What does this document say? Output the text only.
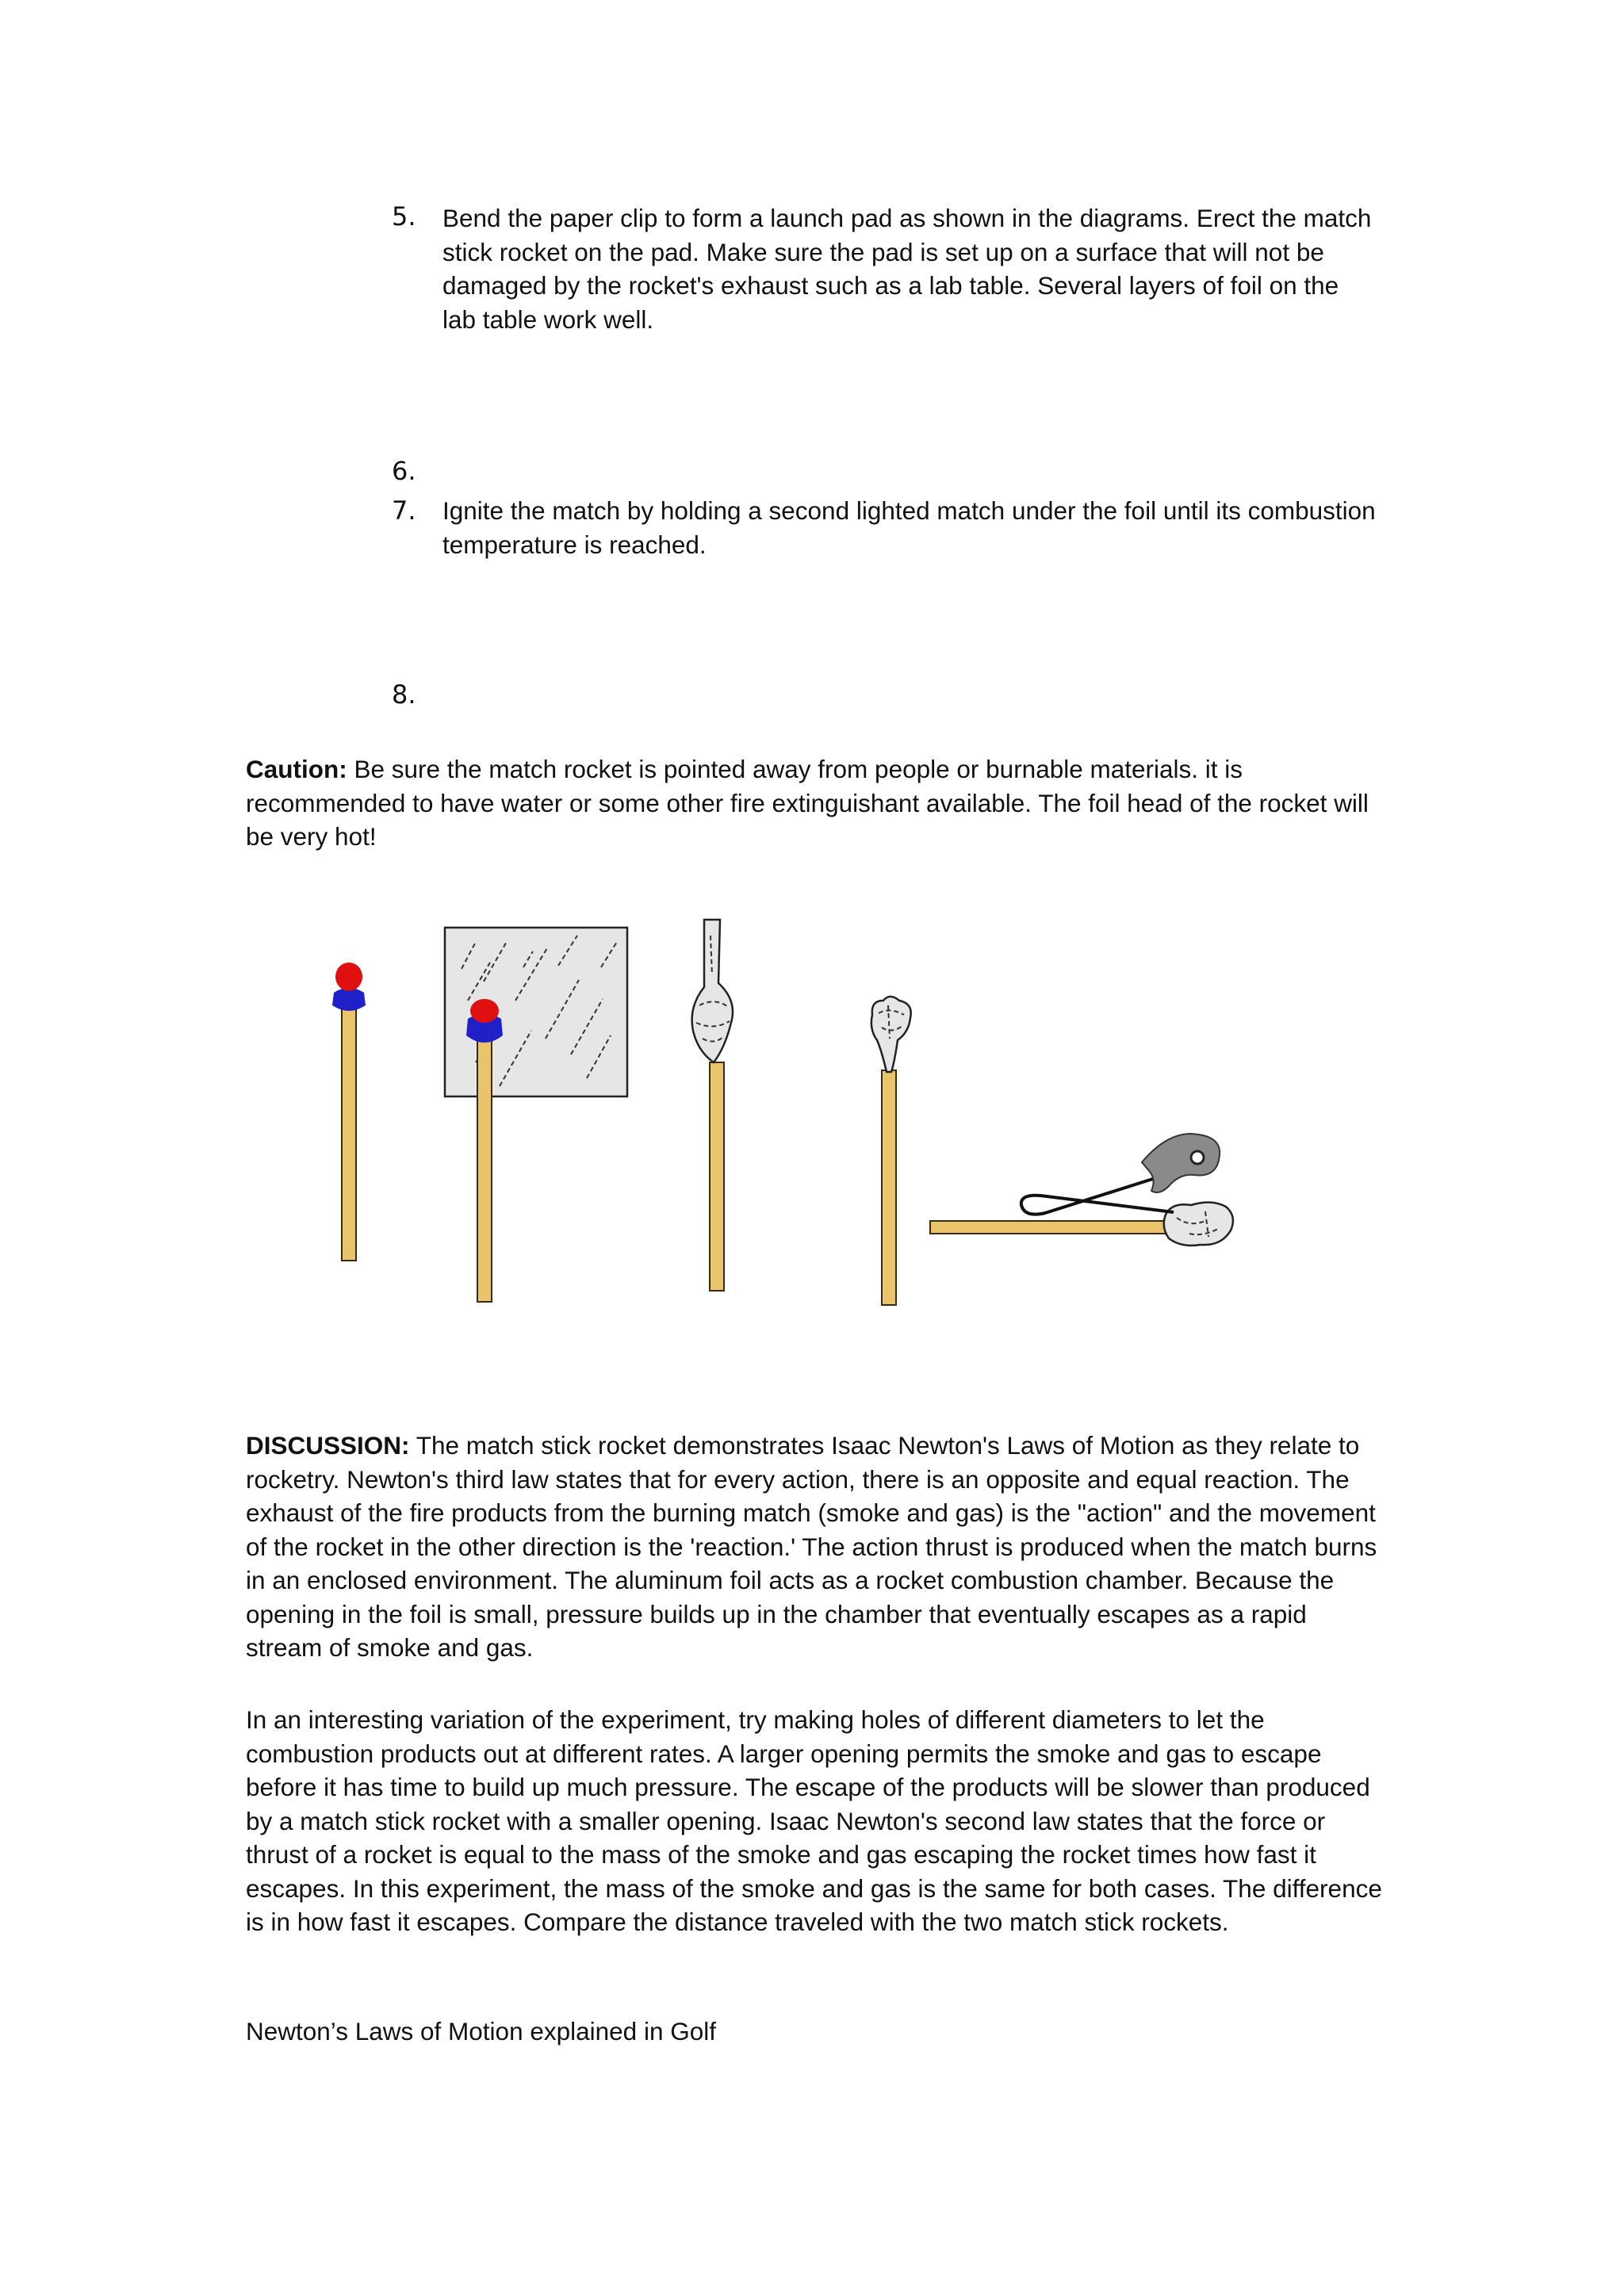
5.	Bend the paper clip to form a launch pad as shown in the diagrams. Erect the match stick rocket on the pad. Make sure the pad is set up on a surface that will not be damaged by the rocket's exhaust such as a lab table. Several layers of foil on the lab table work well.
6.
7.	Ignite the match by holding a second lighted match under the foil until its combustion temperature is reached.
8.
Caution: Be sure the match rocket is pointed away from people or burnable materials. it is recommended to have water or some other fire extinguishant available. The foil head of the rocket will be very hot!
DISCUSSION: The match stick rocket demonstrates Isaac Newton's Laws of Motion as they relate to rocketry. Newton's third law states that for every action, there is an opposite and equal reaction. The exhaust of the fire products from the burning match (smoke and gas) is the "action" and the movement of the rocket in the other direction is the 'reaction.' The action thrust is produced when the match burns in an enclosed environment. The aluminum foil acts as a rocket combustion chamber. Because the opening in the foil is small, pressure builds up in the chamber that eventually escapes as a rapid stream of smoke and gas.
In an interesting variation of the experiment, try making holes of different diameters to let the combustion products out at different rates. A larger opening permits the smoke and gas to escape before it has time to build up much pressure. The escape of the products will be slower than produced by a match stick rocket with a smaller opening. Isaac Newton's second law states that the force or thrust of a rocket is equal to the mass of the smoke and gas escaping the rocket times how fast it escapes. In this experiment, the mass of the smoke and gas is the same for both cases. The difference is in how fast it escapes. Compare the distance traveled with the two match stick rockets.
Newton’s Laws of Motion explained in Golf
